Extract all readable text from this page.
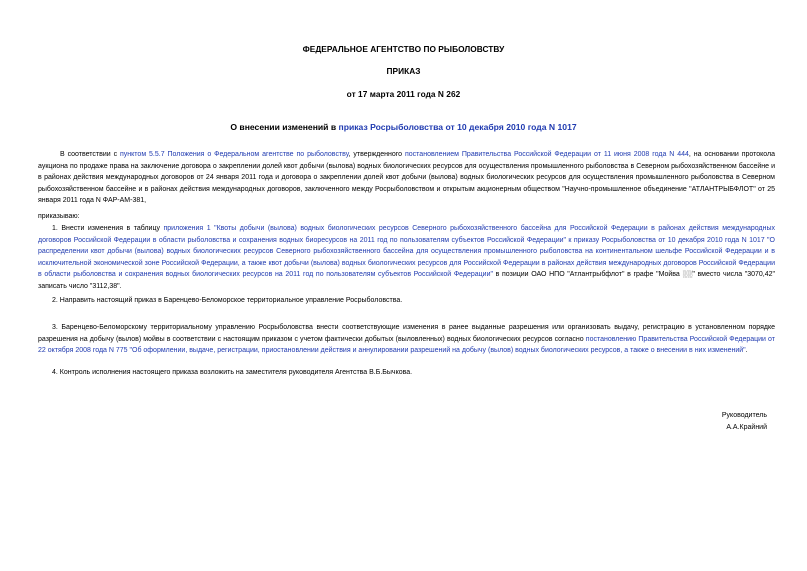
ФЕДЕРАЛЬНОЕ АГЕНТСТВО ПО РЫБОЛОВСТВУ
ПРИКАЗ
от 17 марта 2011 года N 262
О внесении изменений в приказ Росрыболовства от 10 декабря 2010 года N 1017
В соответствии с пунктом 5.5.7 Положения о Федеральном агентстве по рыболовству, утвержденного постановлением Правительства Российской Федерации от 11 июня 2008 года N 444, на основании протокола аукциона по продаже права на заключение договора о закреплении долей квот добычи (вылова) водных биологических ресурсов для осуществления промышленного рыболовства в Северном рыбохозяйственном бассейне и в районах действия международных договоров от 24 января 2011 года и договора о закреплении долей квот добычи (вылова) водных биологических ресурсов для осуществления промышленного рыболовства в Северном рыбохозяйственном бассейне и в районах действия международных договоров, заключенного между Росрыболовством и открытым акционерным обществом "Научно-промышленное объединение "АТЛАНТРЫБФЛОТ" от 25 января 2011 года N ФАР-АМ-381,
приказываю:
1. Внести изменения в таблицу приложения 1 "Квоты добычи (вылова) водных биологических ресурсов Северного рыбохозяйственного бассейна для Российской Федерации в районах действия международных договоров Российской Федерации в области рыболовства и сохранения водных биоресурсов на 2011 год по пользователям субъектов Российской Федерации" к приказу Росрыболовства от 10 декабря 2010 года N 1017 "О распределении квот добычи (вылова) водных биологических ресурсов Северного рыбохозяйственного бассейна для осуществления промышленного рыболовства на континентальном шельфе Российской Федерации и в исключительной экономической зоне Российской Федерации, а также квот добычи (вылова) водных биологических ресурсов для Российской Федерации в районах действия международных договоров Российской Федерации в области рыболовства и сохранения водных биологических ресурсов на 2011 год по пользователям субъектов Российской Федерации" в позиции ОАО НПО "Атлантрыбфлот" в графе "Мойва ░░" вместо числа "3070,42" записать число "3112,38".
2. Направить настоящий приказ в Баренцево-Беломорское территориальное управление Росрыболовства.
3. Баренцево-Беломорскому территориальному управлению Росрыболовства внести соответствующие изменения в ранее выданные разрешения или организовать выдачу, регистрацию в установленном порядке разрешения на добычу (вылов) мойвы в соответствии с настоящим приказом с учетом фактически добытых (выловленных) водных биологических ресурсов согласно постановлению Правительства Российской Федерации от 22 октября 2008 года N 775 "Об оформлении, выдаче, регистрации, приостановлении действия и аннулировании разрешений на добычу (вылов) водных биологических ресурсов, а также о внесении в них изменений".
4. Контроль исполнения настоящего приказа возложить на заместителя руководителя Агентства В.Б.Бычкова.
Руководитель
А.А.Крайний
